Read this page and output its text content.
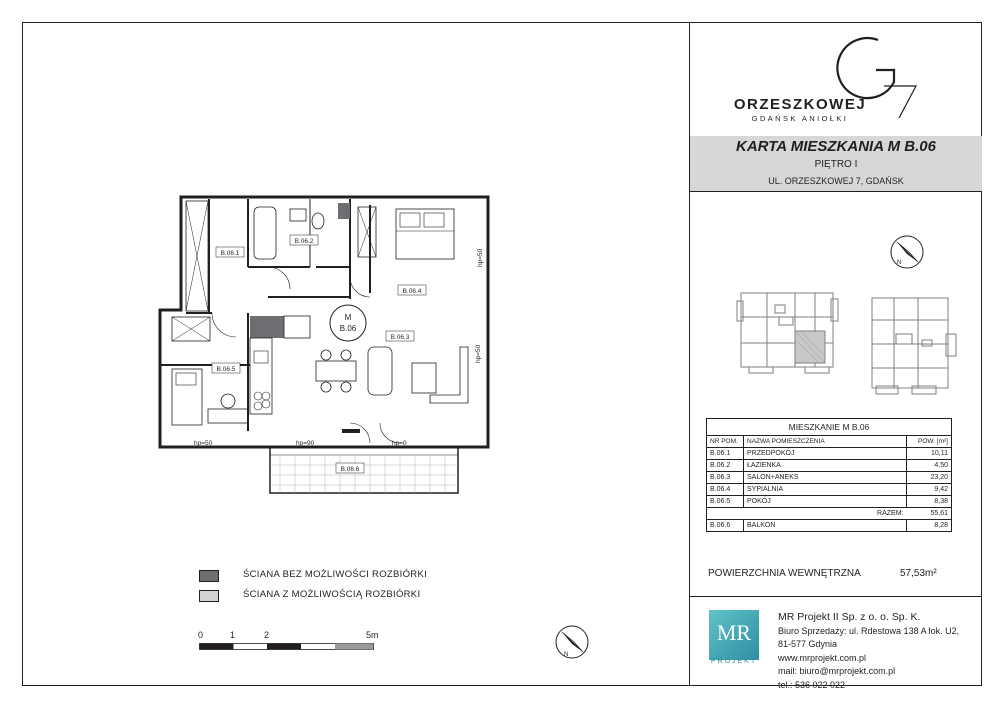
ORZESZKOWEJ
GDAŃSK ANIOŁKI
KARTA MIESZKANIA M B.06
PIĘTRO I
UL. ORZESZKOWEJ 7, GDAŃSK
N
MIESZKANIE M B.06		
NR POM.	NAZWA POMIESZCZENIA	POW. [m²]
B.06.1	PRZEDPOKÓJ	10,11
B.06.2	ŁAZIENKA	4,50
B.06.3	SALON+ANEKS	23,20
B.06.4	SYPIALNIA	9,42
B.06.5	POKÓJ	8,38
RAZEM:		55,61
B.06.6	BALKON	8,28
POWIERZCHNIA WEWNĘTRZNA	57,53m²
MR
PROJEKT
MR Projekt II Sp. z o. o. Sp. K.
Biuro Sprzedaży: ul. Rdestowa 138 A lok. U2,
81-577 Gdynia
www.mrprojekt.com.pl
mail: biuro@mrprojekt.com.pl
tel.: 536 022 022
M
B.06
B.06.1
B.06.2
B.06.3
B.06.4
B.06.5
B.06.6
hp=50
hp=50
hp=50	hp=90	hp=0
ŚCIANA BEZ MOŻLIWOŚCI ROZBIÓRKI
ŚCIANA Z MOŻLIWOŚCIĄ ROZBIÓRKI
0	1	2	5m
N
